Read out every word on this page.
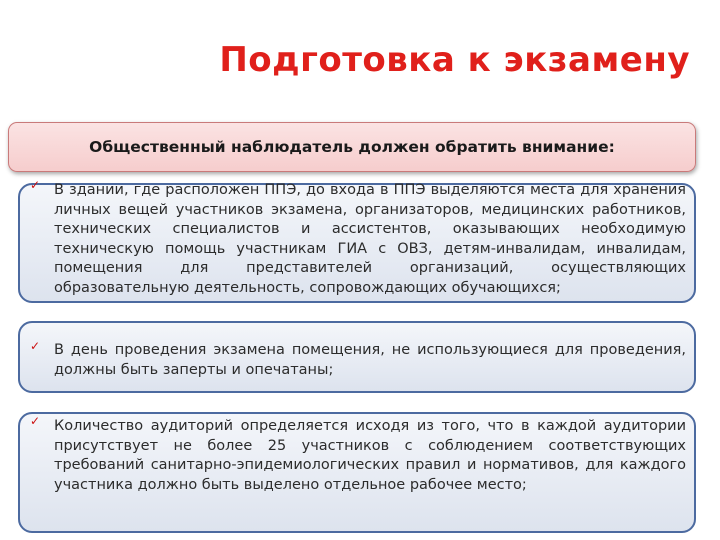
Подготовка к экзамену
Общественный наблюдатель должен обратить внимание:
✓ В здании, где расположен ППЭ, до входа в ППЭ выделяются места для хранения личных вещей участников экзамена, организаторов, медицинских работников, технических специалистов и ассистентов, оказывающих необходимую техническую помощь участникам ГИА с ОВЗ, детям-инвалидам, инвалидам, помещения для представителей организаций, осуществляющих образовательную деятельность, сопровождающих обучающихся;
✓ В день проведения экзамена помещения, не использующиеся для проведения, должны быть заперты и опечатаны;
✓ Количество аудиторий определяется исходя из того, что в каждой аудитории присутствует не более 25 участников с соблюдением соответствующих требований санитарно-эпидемиологических правил и нормативов, для каждого участника должно быть выделено отдельное рабочее место;
